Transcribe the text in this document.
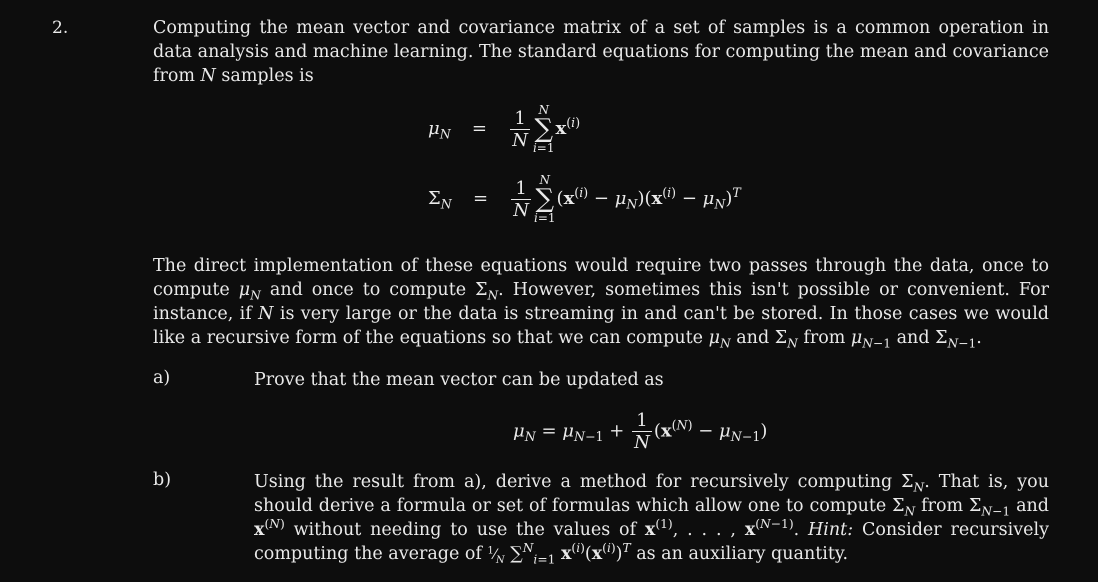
2.	Computing the mean vector and covariance matrix of a set of samples is a common operation in data analysis and machine learning. The standard equations for computing the mean and covariance from N samples is
$\mu_N = \frac{1}{N}$ N
∑
i=1
$x^{(i)}$
$\Sigma_N = \frac{1}{N}$ N
∑
i=1
$(x^{(i)} - \mu_N)(x^{(i)} - \mu_N)^T$
The direct implementation of these equations would require two passes through the data, once to compute $\mu_N$ and once to compute $\Sigma_N$. However, sometimes this isn't possible or convenient. For instance, if N is very large or the data is streaming in and can't be stored. In those cases we would like a recursive form of the equations so that we can compute $\mu_N$ and $\Sigma_N$ from $\mu_{N-1}$ and $\Sigma_{N-1}$.
a)	Prove that the mean vector can be updated as
$\mu_N = \mu_{N-1} + \frac{1}{N} (x^{(N)} - \mu_{N-1})$
b)	Using the result from a), derive a method for recursively computing $\Sigma_N$. That is, you should derive a formula or set of formulas which allow one to compute $\Sigma_N$ from $\Sigma_{N-1}$ and $x^{(N)}$ without needing to use the values of $x^{(1)}$, . . . , $x^{(N-1)}$. Hint: Consider recursively computing the average of $^1⁄_N$ ∑$^N_{i=1}$ $x^{(i)}(x^{(i)})^T$ as an auxiliary quantity.
